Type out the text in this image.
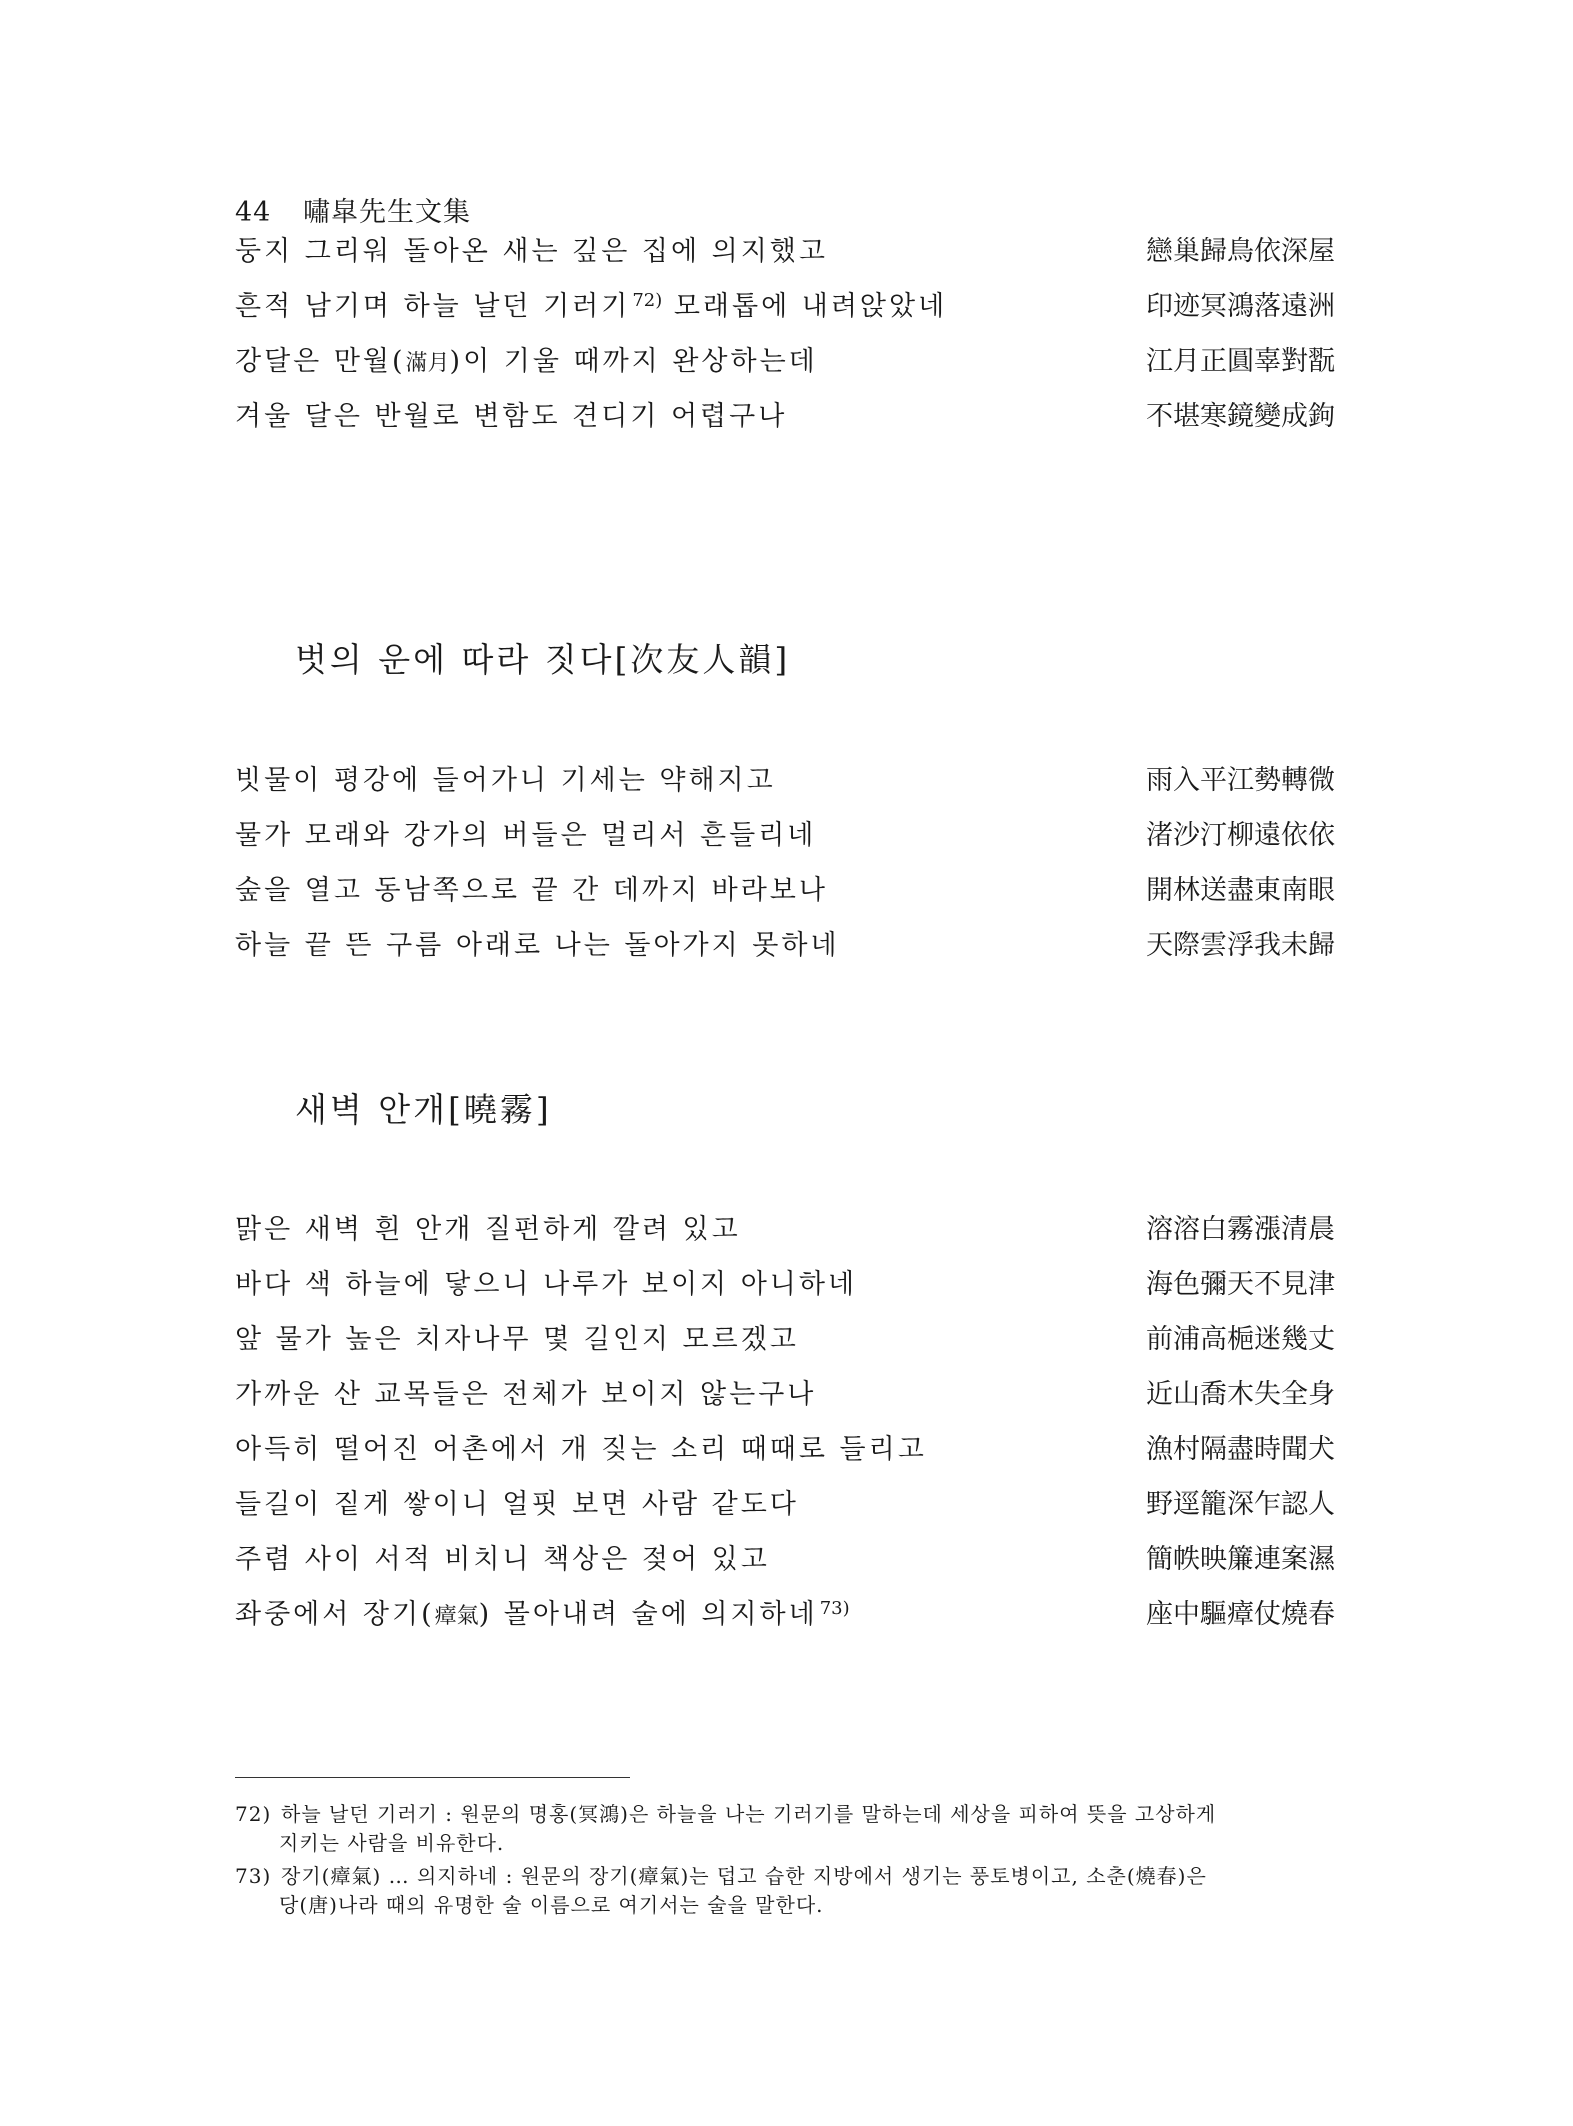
44 嘯皐先生文集
둥지 그리워 돌아온 새는 깊은 집에 의지했고	戀巢歸鳥依深屋
흔적 남기며 하늘 날던 기러기 $^{72)}$ 모래톱에 내려앉았네	印迹冥鴻落遠洲
강달은 만월(滿月)이 기울 때까지 완상하는데	江月正圓辜對翫
겨울 달은 반월로 변함도 견디기 어렵구나	不堪寒鏡變成鉤
벗의 운에 따라 짓다[次友人韻]
빗물이 평강에 들어가니 기세는 약해지고	雨入平江勢轉微
물가 모래와 강가의 버들은 멀리서 흔들리네	渚沙汀柳遠依依
숲을 열고 동남쪽으로 끝 간 데까지 바라보나	開林送盡東南眼
하늘 끝 뜬 구름 아래로 나는 돌아가지 못하네	天際雲浮我未歸
새벽 안개[曉霧]
맑은 새벽 흰 안개 질펀하게 깔려 있고	溶溶白霧漲清晨
바다 색 하늘에 닿으니 나루가 보이지 아니하네	海色彌天不見津
앞 물가 높은 치자나무 몇 길인지 모르겠고	前浦高梔迷幾丈
가까운 산 교목들은 전체가 보이지 않는구나	近山喬木失全身
아득히 떨어진 어촌에서 개 짖는 소리 때때로 들리고	漁村隔盡時聞犬
들길이 짙게 쌓이니 얼핏 보면 사람 같도다	野逕籠深乍認人
주렴 사이 서적 비치니 책상은 젖어 있고	簡帙映簾連案濕
좌중에서 장기(瘴氣) 몰아내려 술에 의지하네 $^{73)}$	座中驅瘴仗燒春
72) 하늘 날던 기러기 : 원문의 명홍(冥鴻)은 하늘을 나는 기러기를 말하는데 세상을 피하여 뜻을 고상하게
지키는 사람을 비유한다.
73) 장기(瘴氣) … 의지하네 : 원문의 장기(瘴氣)는 덥고 습한 지방에서 생기는 풍토병이고, 소춘(燒春)은
당(唐)나라 때의 유명한 술 이름으로 여기서는 술을 말한다.
